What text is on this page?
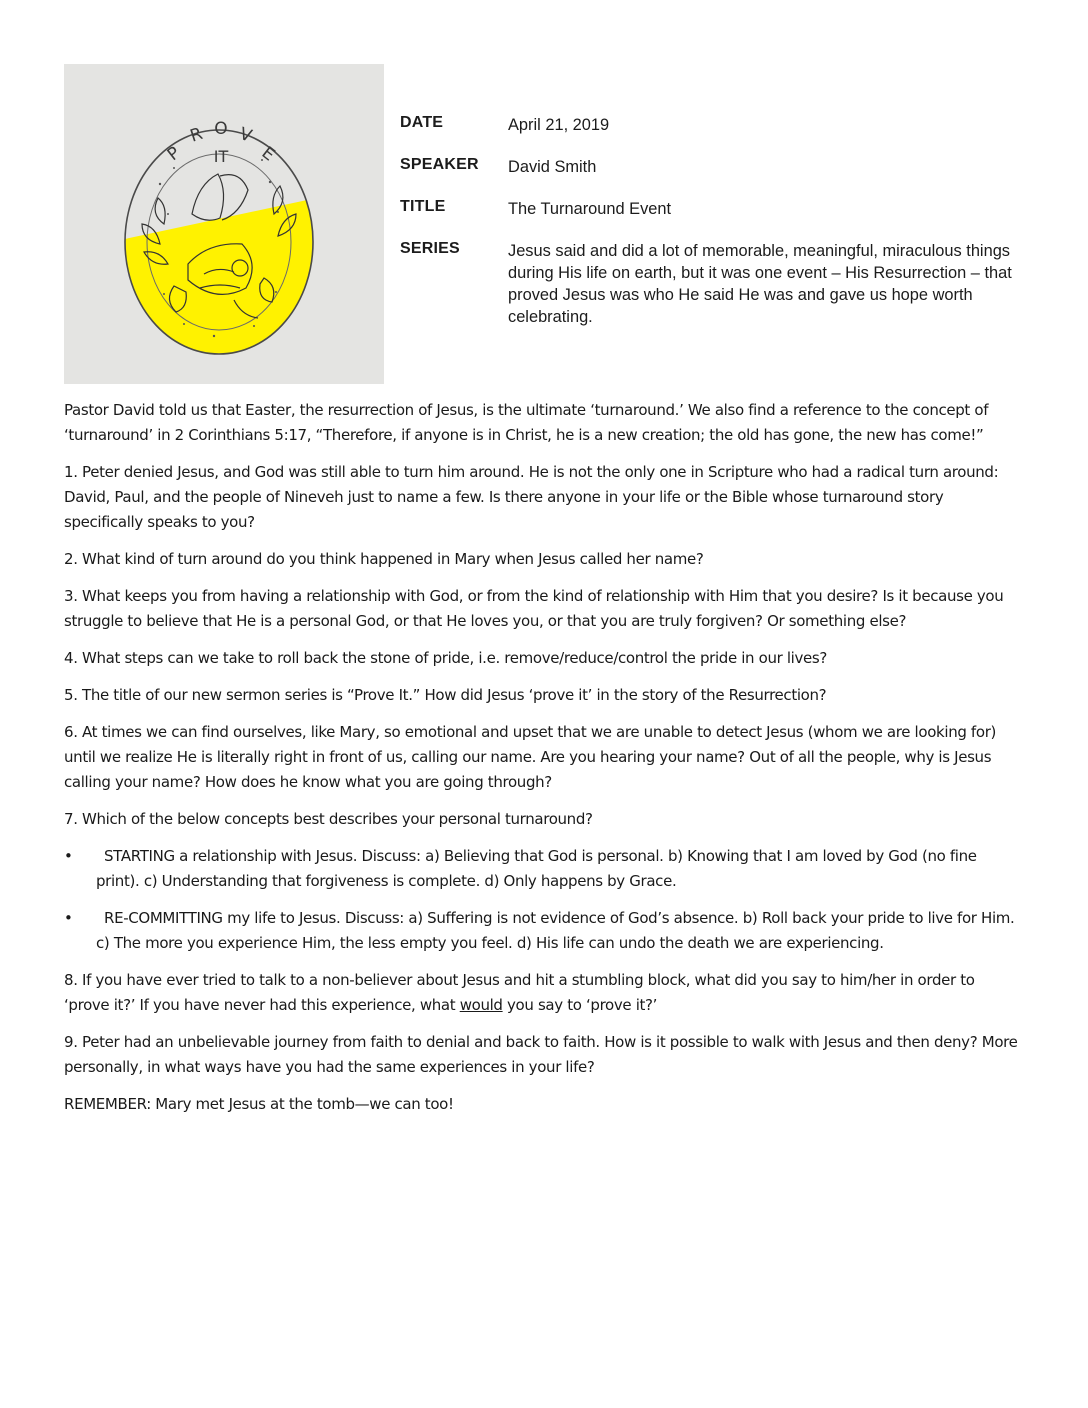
P
R O V
E
IT
DATE	April 21, 2019
SPEAKER David Smith
TITLE	The Turnaround Event
SERIES	Jesus said and did a lot of memorable, meaningful, miraculous things during His life on earth, but it was one event – His Resurrection – that proved Jesus was who He said He was and gave us hope worth celebrating.

Pastor David told us that Easter, the resurrection of Jesus, is the ultimate ‘turnaround.’ We also find a reference to the concept of ‘turnaround’ in 2 Corinthians 5:17, “Therefore, if anyone is in Christ, he is a new creation; the old has gone, the new has come!”

1. Peter denied Jesus, and God was still able to turn him around. He is not the only one in Scripture who had a radical turn around: David, Paul, and the people of Nineveh just to name a few. Is there anyone in your life or the Bible whose turnaround story specifically speaks to you?

2. What kind of turn around do you think happened in Mary when Jesus called her name?

3. What keeps you from having a relationship with God, or from the kind of relationship with Him that you desire? Is it because you struggle to believe that He is a personal God, or that He loves you, or that you are truly forgiven? Or something else?

4. What steps can we take to roll back the stone of pride, i.e. remove/reduce/control the pride in our lives?

5. The title of our new sermon series is “Prove It.” How did Jesus ‘prove it’ in the story of the Resurrection?

6. At times we can find ourselves, like Mary, so emotional and upset that we are unable to detect Jesus (whom we are looking for) until we realize He is literally right in front of us, calling our name. Are you hearing your name? Out of all the people, why is Jesus calling your name? How does he know what you are going through?

7. Which of the below concepts best describes your personal turnaround?

•	STARTING a relationship with Jesus. Discuss: a) Believing that God is personal. b) Knowing that I am loved by God (no fine print). c) Understanding that forgiveness is complete. d) Only happens by Grace.
•	RE-COMMITTING my life to Jesus. Discuss: a) Suffering is not evidence of God’s absence. b) Roll back your pride to live for Him. c) The more you experience Him, the less empty you feel. d) His life can undo the death we are experiencing.

8. If you have ever tried to talk to a non-believer about Jesus and hit a stumbling block, what did you say to him/her in order to ‘prove it?’ If you have never had this experience, what would you say to ‘prove it?’

9. Peter had an unbelievable journey from faith to denial and back to faith. How is it possible to walk with Jesus and then deny? More personally, in what ways have you had the same experiences in your life?

REMEMBER: Mary met Jesus at the tomb—we can too!
